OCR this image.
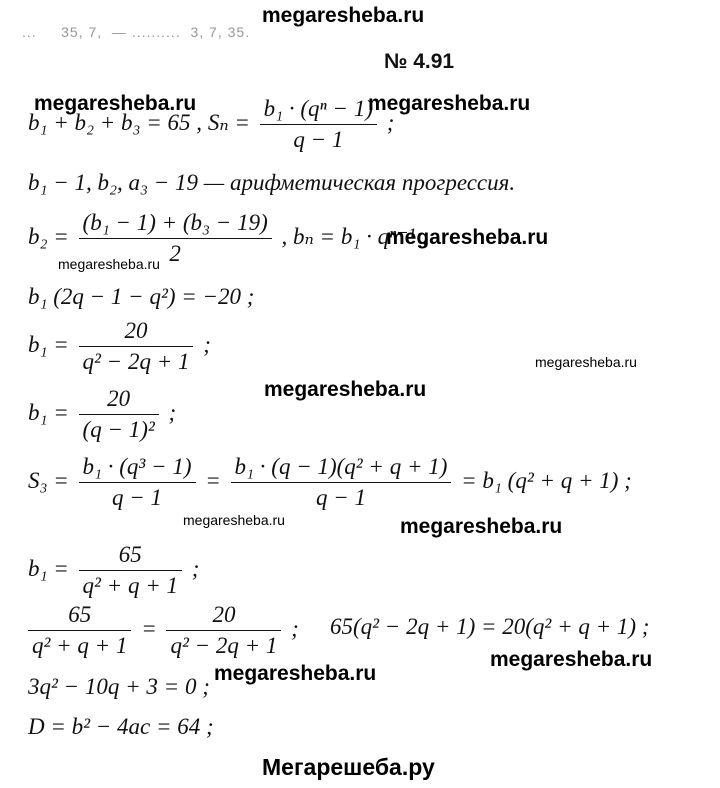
megaresheba.ru
...     35, 7,  — ..........  3, 7, 35.
№ 4.91
megaresheba.ru
b₁ + b₂ + b₃ = 65 , $S_n = \frac{\text{b₁ · (qⁿ − 1)}}{q - 1}$ ;
megaresheba.ru
b₁ − 1, b₂, a₃ − 19 — арифметическая прогрессия.
$b_2 = \frac{\text{(b₁ − 1) + (b₃ − 19)}}{2}$ , bₙ = b₁ · qⁿ⁻¹ ;
megaresheba.ru
megaresheba.ru
b₁ (2q − 1 − q²) = −20 ;
$b_1 = \frac{20}{\text{q² − 2q + 1}}$ ;
megaresheba.ru
megaresheba.ru
$b_1 = \frac{20}{\text{(q − 1)²}}$ ;
$S_3 = \frac{\text{b₁ · (q³ − 1)}}{q - 1} = \frac{\text{b₁ · (q − 1)(q² + q + 1)}}{q - 1} = b_1$ (q² + q + 1) ;
megaresheba.ru	megaresheba.ru
$b_1 = \frac{65}{\text{q² + q + 1}}$ ;
$\frac{65}{\text{q² + q + 1}} = \frac{20}{\text{q² − 2q + 1}}$ ; 65(q² − 2q + 1) = 20(q² + q + 1) ;
megaresheba.ru
megaresheba.ru
3q² − 10q + 3 = 0 ;
D = b² − 4ac = 64 ;
Мегарешеба.ру
